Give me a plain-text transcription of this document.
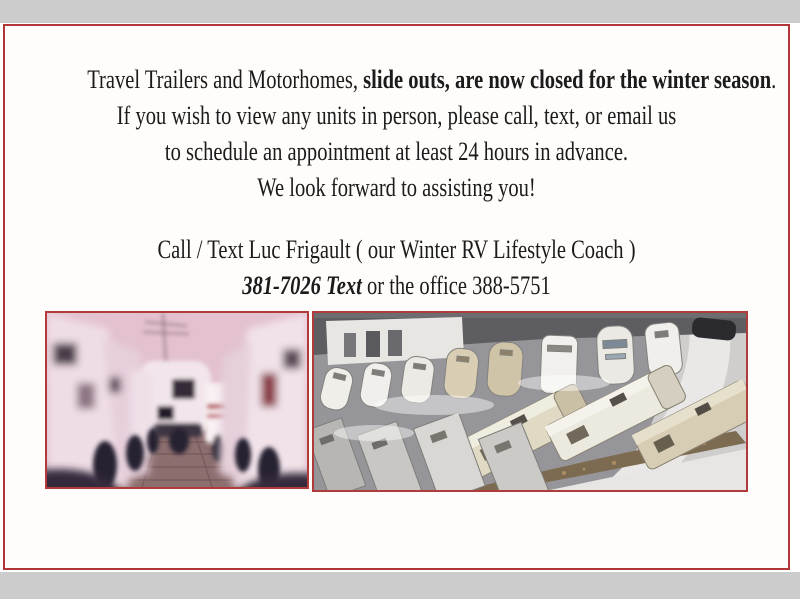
Travel Trailers and Motorhomes, slide outs, are now closed for the winter season.

If you wish to view any units in person, please call, text, or email us

to schedule an appointment at least 24 hours in advance.

We look forward to assisting you!

Call / Text Luc Frigault ( our Winter RV Lifestyle Coach )

381-7026 Text or the office 388-5751
